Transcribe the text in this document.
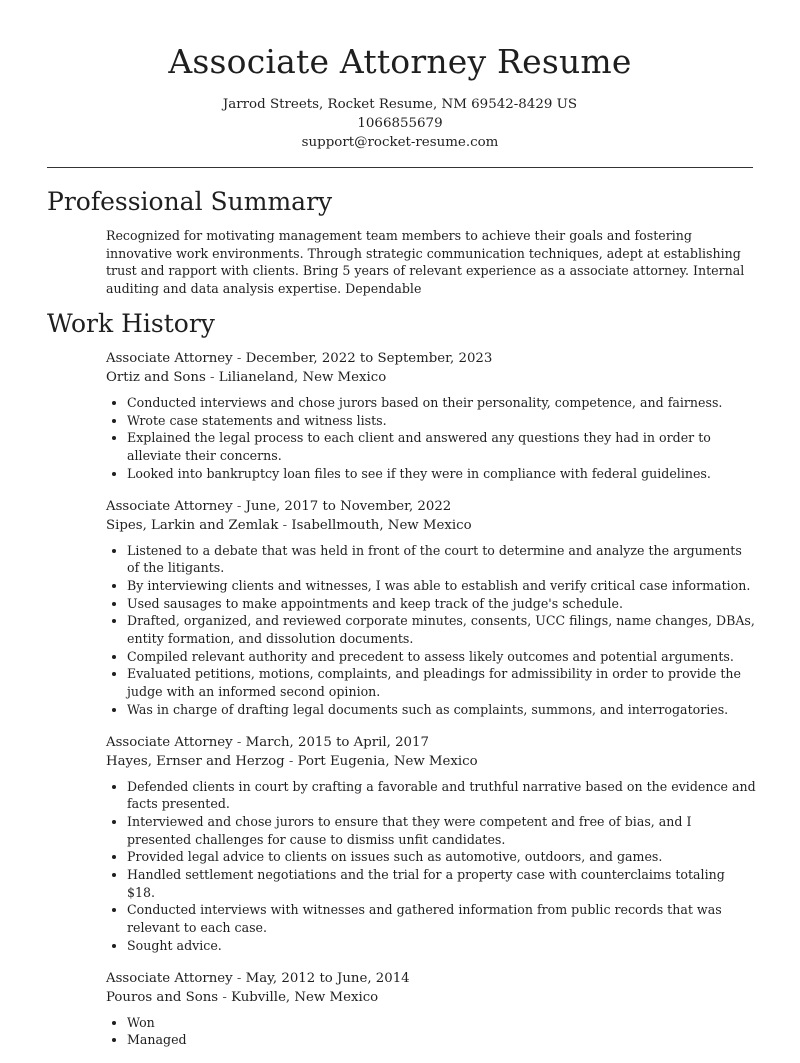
Associate Attorney Resume
Jarrod Streets, Rocket Resume, NM 69542-8429 US
1066855679
support@rocket-resume.com
Professional Summary
Recognized for motivating management team members to achieve their goals and fostering innovative work environments. Through strategic communication techniques, adept at establishing trust and rapport with clients. Bring 5 years of relevant experience as a associate attorney. Internal auditing and data analysis expertise. Dependable
Work History
Associate Attorney - December, 2022 to September, 2023
Ortiz and Sons - Lilianeland, New Mexico
• Conducted interviews and chose jurors based on their personality, competence, and fairness.
• Wrote case statements and witness lists.
• Explained the legal process to each client and answered any questions they had in order to alleviate their concerns.
• Looked into bankruptcy loan files to see if they were in compliance with federal guidelines.
Associate Attorney - June, 2017 to November, 2022
Sipes, Larkin and Zemlak - Isabellmouth, New Mexico
• Listened to a debate that was held in front of the court to determine and analyze the arguments of the litigants.
• By interviewing clients and witnesses, I was able to establish and verify critical case information.
• Used sausages to make appointments and keep track of the judge's schedule.
• Drafted, organized, and reviewed corporate minutes, consents, UCC filings, name changes, DBAs, entity formation, and dissolution documents.
• Compiled relevant authority and precedent to assess likely outcomes and potential arguments.
• Evaluated petitions, motions, complaints, and pleadings for admissibility in order to provide the judge with an informed second opinion.
• Was in charge of drafting legal documents such as complaints, summons, and interrogatories.
Associate Attorney - March, 2015 to April, 2017
Hayes, Ernser and Herzog - Port Eugenia, New Mexico
• Defended clients in court by crafting a favorable and truthful narrative based on the evidence and facts presented.
• Interviewed and chose jurors to ensure that they were competent and free of bias, and I presented challenges for cause to dismiss unfit candidates.
• Provided legal advice to clients on issues such as automotive, outdoors, and games.
• Handled settlement negotiations and the trial for a property case with counterclaims totaling $18.
• Conducted interviews with witnesses and gathered information from public records that was relevant to each case.
• Sought advice.
Associate Attorney - May, 2012 to June, 2014
Pouros and Sons - Kubville, New Mexico
• Won
• Managed
